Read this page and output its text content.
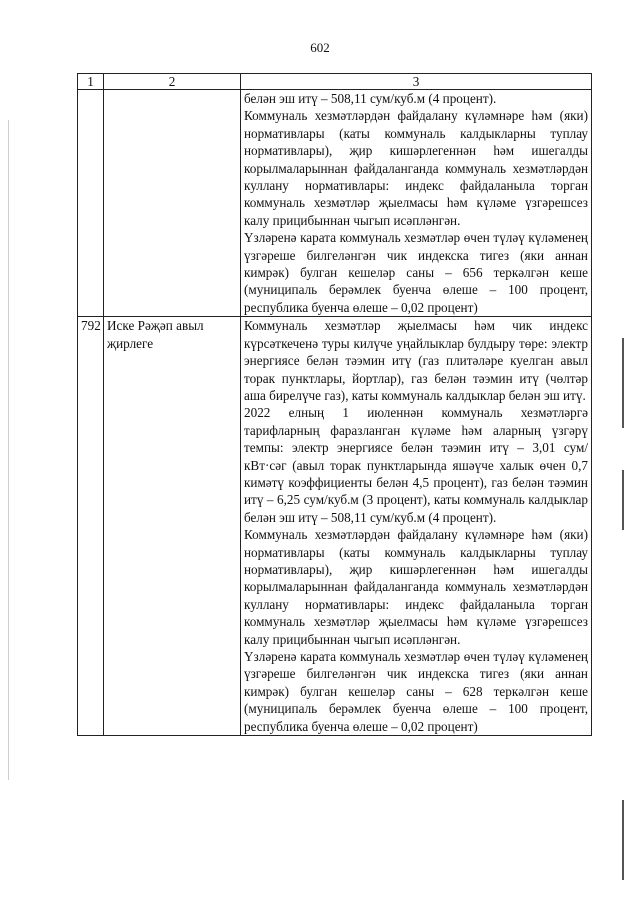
602
1	2	3

		белән эш итү – 508,11 сум/куб.м (4 процент).

Коммуналь хезмәтләрдән файдалану күләмнәре һәм (яки) нормативлары (каты коммуналь калдыкларны туплау нормативлары), җир кишәрлегеннән һәм ишегалды корылмаларыннан файдаланганда коммуналь хезмәтләрдән куллану нормативлары: индекс файдаланыла торган коммуналь хезмәтләр җыелмасы һәм күләме үзгәрешсез калу прицибыннан чыгып исәпләнгән.

Үзләренә карата коммуналь хезмәтләр өчен түләү күләменең үзгәреше билгеләнгән чик индекска тигез (яки аннан кимрәк) булган кешеләр саны – 656 теркәлгән кеше (муниципаль берәмлек буенча өлеше – 100 процент, республика буенча өлеше – 0,02 процент)

792	Иске Рәҗәп авыл җирлеге	Коммуналь хезмәтләр җыелмасы һәм чик индекс күрсәткеченә туры килүче уңайлыклар булдыру төре: электр энергиясе белән тәэмин итү (газ плитәләре куелган авыл торак пунктлары, йортлар), газ белән тәэмин итү (чөлтәр аша бирелүче газ), каты коммуналь калдыклар белән эш итү.

2022 елның 1 июленнән коммуналь хезмәтләргә тарифларның фаразланган күләме һәм аларның үзгәрү темпы: электр энергиясе белән тәэмин итү – 3,01 сум/кВт·сәг (авыл торак пунктларында яшәүче халык өчен 0,7 кимәтү коэффициенты белән 4,5 процент), газ белән тәэмин итү – 6,25 сум/куб.м (3 процент), каты коммуналь калдыклар белән эш итү – 508,11 сум/куб.м (4 процент).

Коммуналь хезмәтләрдән файдалану күләмнәре һәм (яки) нормативлары (каты коммуналь калдыкларны туплау нормативлары), җир кишәрлегеннән һәм ишегалды корылмаларыннан файдаланганда коммуналь хезмәтләрдән куллану нормативлары: индекс файдаланыла торган коммуналь хезмәтләр җыелмасы һәм күләме үзгәрешсез калу прицибыннан чыгып исәпләнгән.

Үзләренә карата коммуналь хезмәтләр өчен түләү күләменең үзгәреше билгеләнгән чик индекска тигез (яки аннан кимрәк) булган кешеләр саны – 628 теркәлгән кеше (муниципаль берәмлек буенча өлеше – 100 процент, республика буенча өлеше – 0,02 процент)
